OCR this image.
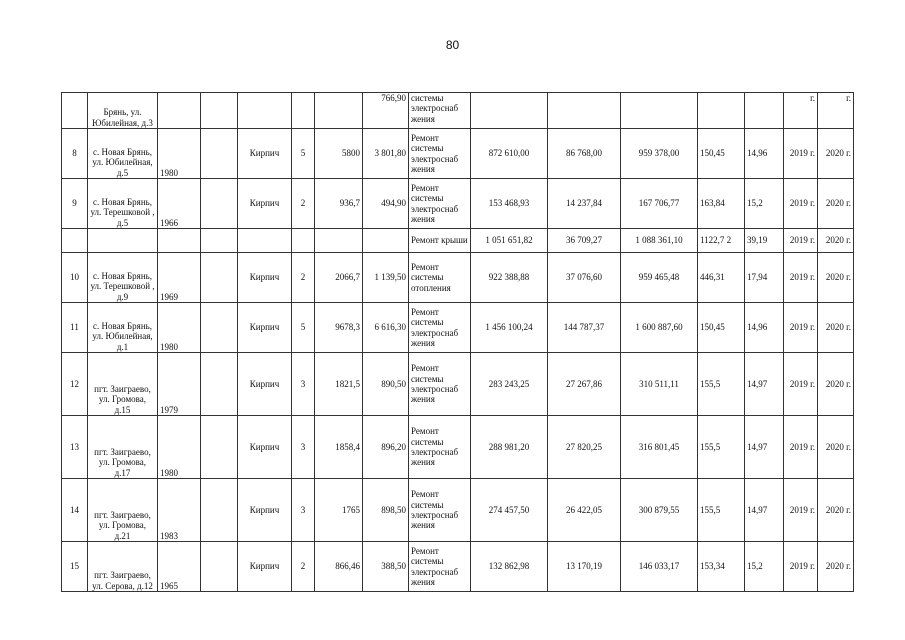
80
	Брянь, ул. Юбилейная, д.3						766,90	системы электроснаб жения						г.	г.
8	с. Новая Брянь, ул. Юбилейная, д.5	1980		Кирпич	5	5800	3 801,80	Ремонт системы электроснаб жения	872 610,00	86 768,00	959 378,00	150,45	14,96	2019 г.	2020 г.
9	с. Новая Брянь, ул. Терешковой , д.5	1966		Кирпич	2	936,7	494,90	Ремонт системы электроснаб жения	153 468,93	14 237,84	167 706,77	163,84	15,2	2019 г.	2020 г.
								Ремонт крыши	1 051 651,82	36 709,27	1 088 361,10	1122,7 2	39,19	2019 г.	2020 г.
10	с. Новая Брянь, ул. Терешковой , д.9	1969		Кирпич	2	2066,7	1 139,50	Ремонт системы отопления	922 388,88	37 076,60	959 465,48	446,31	17,94	2019 г.	2020 г.
11	с. Новая Брянь, ул. Юбилейная, д.1	1980		Кирпич	5	9678,3	6 616,30	Ремонт системы электроснаб жения	1 456 100,24	144 787,37	1 600 887,60	150,45	14,96	2019 г.	2020 г.
12	пгт. Заиграево, ул. Громова, д.15	1979		Кирпич	3	1821,5	890,50	Ремонт системы электроснаб жения	283 243,25	27 267,86	310 511,11	155,5	14,97	2019 г.	2020 г.
13	пгт. Заиграево, ул. Громова, д.17	1980		Кирпич	3	1858,4	896,20	Ремонт системы электроснаб жения	288 981,20	27 820,25	316 801,45	155,5	14,97	2019 г.	2020 г.
14	пгт. Заиграево, ул. Громова, д.21	1983		Кирпич	3	1765	898,50	Ремонт системы электроснаб жения	274 457,50	26 422,05	300 879,55	155,5	14,97	2019 г.	2020 г.
15	пгт. Заиграево, ул. Серова, д.12	1965		Кирпич	2	866,46	388,50	Ремонт системы электроснаб жения	132 862,98	13 170,19	146 033,17	153,34	15,2	2019 г.	2020 г.
